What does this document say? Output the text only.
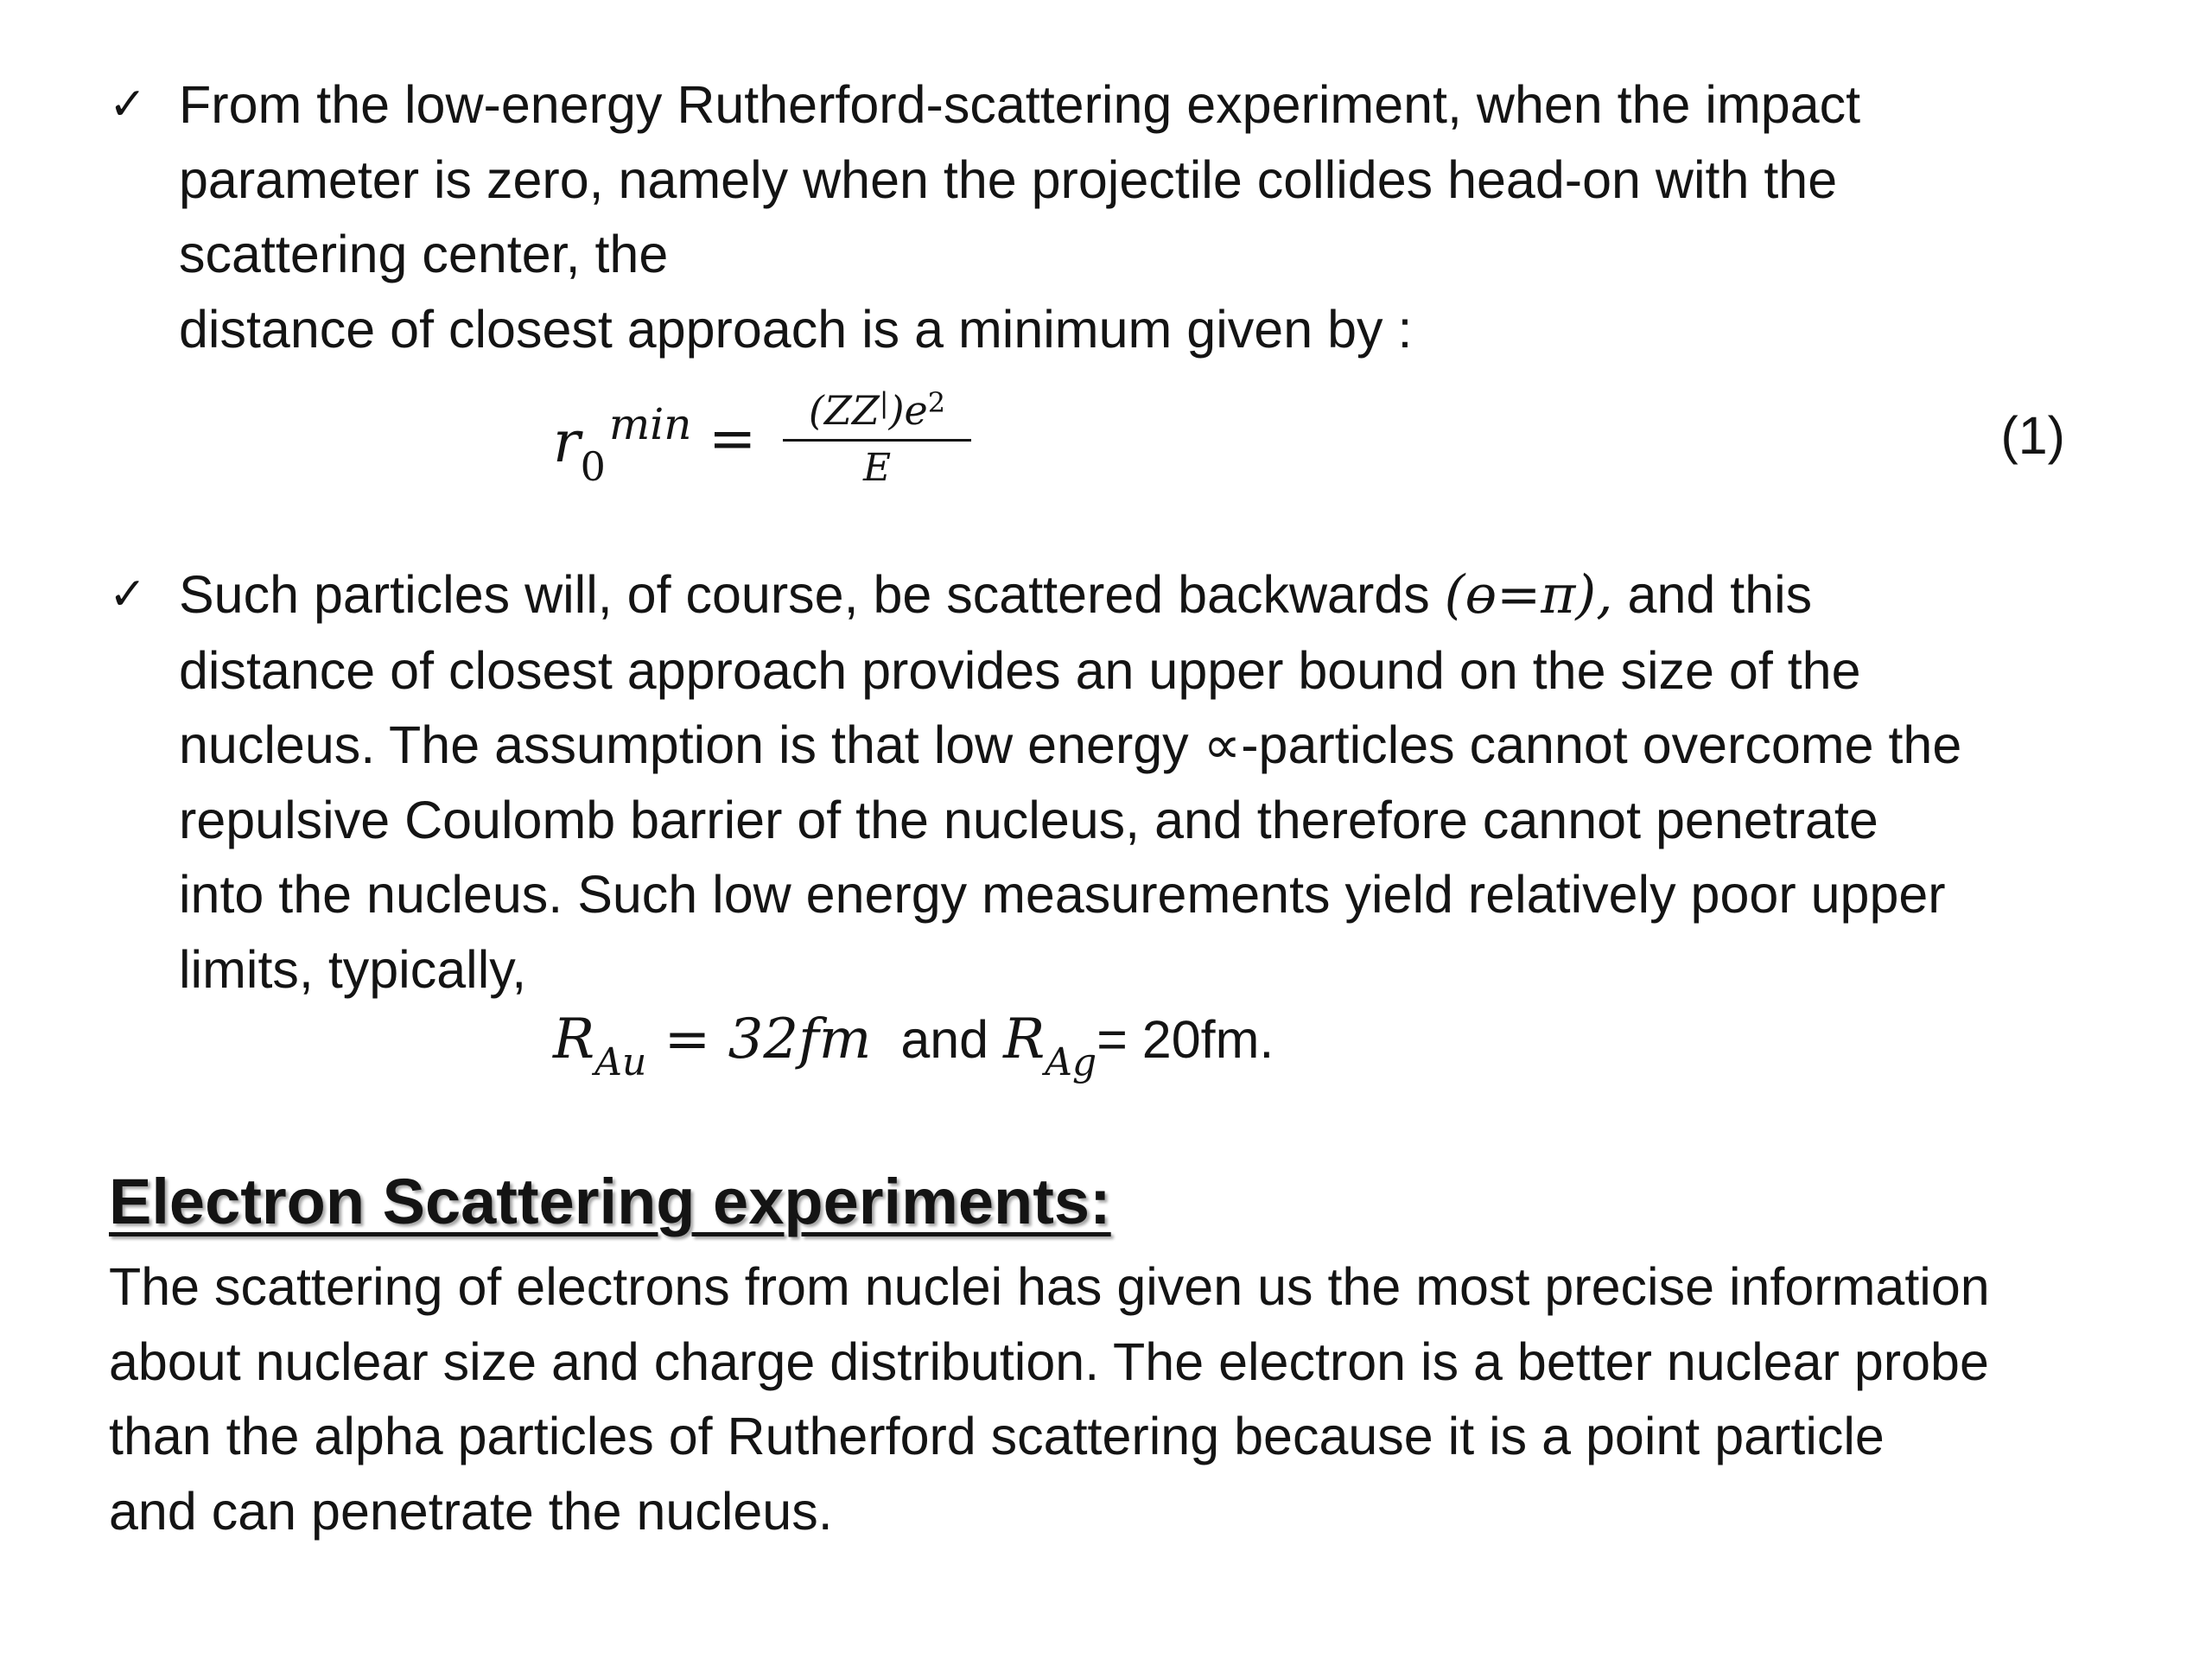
✓ From the low-energy Rutherford-scattering experiment, when the impact

parameter is zero, namely when the projectile collides head-on with the

scattering center, the

distance of closest approach is a minimum given by :

$r_0^{min}$ =	$(ZZ^|)e^2$
E
(1)
✓ Such particles will, of course, be scattered backwards (ɵ=π), and this

distance of closest approach provides an upper bound on the size of the

nucleus. The assumption is that low energy ∝-particles cannot overcome the

repulsive Coulomb barrier of the nucleus, and therefore cannot penetrate

into the nucleus. Such low energy measurements yield relatively poor upper

limits, typically,

$R_{Au} = 32fm$  and $R_{Ag}= 20fm$.
Electron Scattering experiments:
The scattering of electrons from nuclei has given us the most precise information
about nuclear size and charge distribution. The electron is a better nuclear probe
than the alpha particles of Rutherford scattering because it is a point particle
and can penetrate the nucleus.
